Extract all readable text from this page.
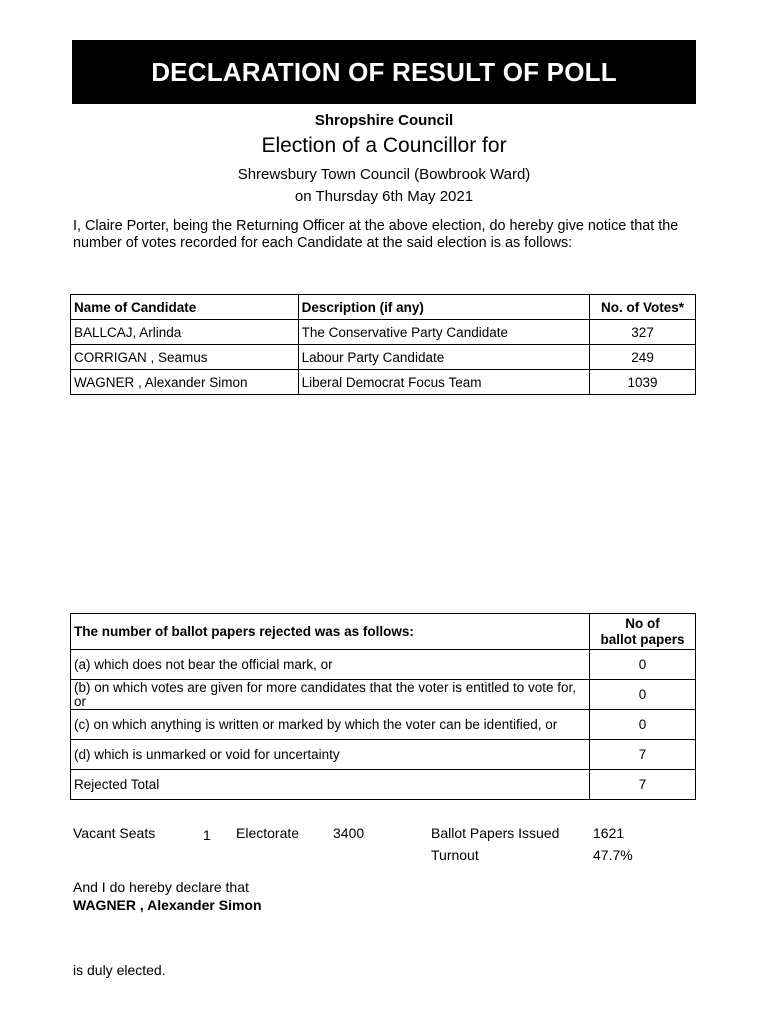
DECLARATION OF RESULT OF POLL
Shropshire Council
Election of a Councillor for
Shrewsbury Town Council (Bowbrook Ward)
on Thursday 6th May 2021
I, Claire Porter, being the Returning Officer at the above election, do hereby give notice that the number of votes recorded for each Candidate at the said election is as follows:
Name of Candidate	Description (if any)	No. of Votes*
BALLCAJ, Arlinda	The Conservative Party Candidate	327
CORRIGAN , Seamus	Labour Party Candidate	249
WAGNER , Alexander Simon	Liberal Democrat Focus Team	1039
The number of ballot papers rejected was as follows:	No of
ballot papers

(a) which does not bear the official mark, or	0
(b) on which votes are given for more candidates that the voter is entitled to vote for, or	0
(c) on which anything is written or marked by which the voter can be identified, or	0
(d) which is unmarked or void for uncertainty	7
Rejected Total	7
Vacant Seats	1 Electorate 3400	Ballot Papers Issued 1621
Turnout	47.7%
And I do hereby declare that
WAGNER , Alexander Simon
is duly elected.
